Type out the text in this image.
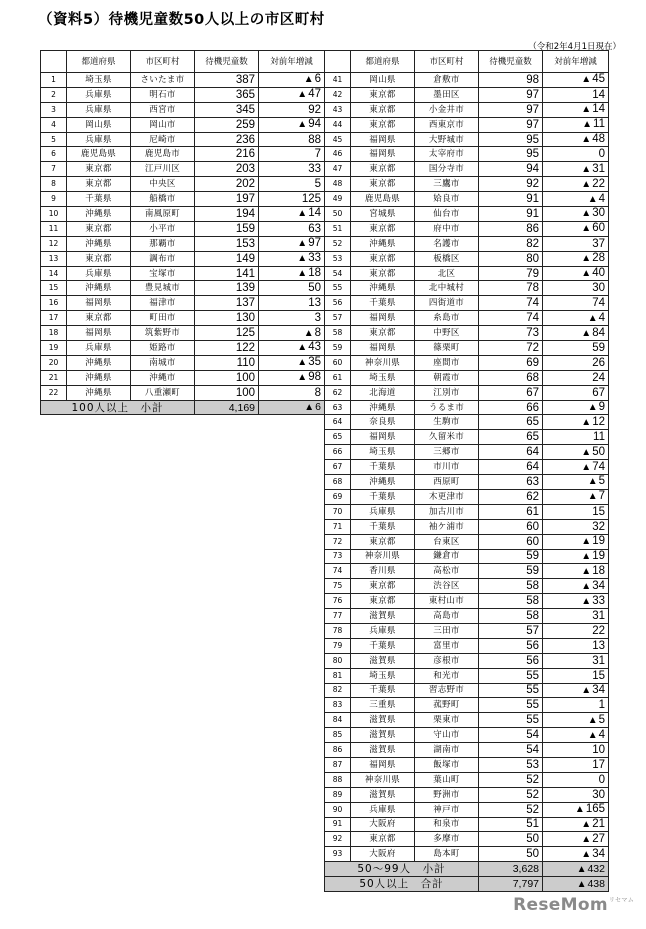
（資料5）待機児童数50人以上の市区町村
（令和2年4月1日現在）
	都道府県	市区町村	待機児童数	対前年増減
1	埼玉県	さいたま市	387	▲6
2	兵庫県	明石市	365	▲47
3	兵庫県	西宮市	345	92
4	岡山県	岡山市	259	▲94
5	兵庫県	尼崎市	236	88
6	鹿児島県	鹿児島市	216	7
7	東京都	江戸川区	203	33
8	東京都	中央区	202	5
9	千葉県	船橋市	197	125
10	沖縄県	南風原町	194	▲14
11	東京都	小平市	159	63
12	沖縄県	那覇市	153	▲97
13	東京都	調布市	149	▲33
14	兵庫県	宝塚市	141	▲18
15	沖縄県	豊見城市	139	50
16	福岡県	福津市	137	13
17	東京都	町田市	130	3
18	福岡県	筑紫野市	125	▲8
19	兵庫県	姫路市	122	▲43
20	沖縄県	南城市	110	▲35
21	沖縄県	沖縄市	100	▲98
22	沖縄県	八重瀬町	100	8
100人以上　小計			4,169	▲6
	都道府県	市区町村	待機児童数	対前年増減
41	岡山県	倉敷市	98	▲45
42	東京都	墨田区	97	14
43	東京都	小金井市	97	▲14
44	東京都	西東京市	97	▲11
45	福岡県	大野城市	95	▲48
46	福岡県	太宰府市	95	0
47	東京都	国分寺市	94	▲31
48	東京都	三鷹市	92	▲22
49	鹿児島県	姶良市	91	▲4
50	宮城県	仙台市	91	▲30
51	東京都	府中市	86	▲60
52	沖縄県	名護市	82	37
53	東京都	板橋区	80	▲28
54	東京都	北区	79	▲40
55	沖縄県	北中城村	78	30
56	千葉県	四街道市	74	74
57	福岡県	糸島市	74	▲4
58	東京都	中野区	73	▲84
59	福岡県	篠栗町	72	59
60	神奈川県	座間市	69	26
61	埼玉県	朝霞市	68	24
62	北海道	江別市	67	67
63	沖縄県	うるま市	66	▲9
64	奈良県	生駒市	65	▲12
65	福岡県	久留米市	65	11
66	埼玉県	三郷市	64	▲50
67	千葉県	市川市	64	▲74
68	沖縄県	西原町	63	▲5
69	千葉県	木更津市	62	▲7
70	兵庫県	加古川市	61	15
71	千葉県	袖ケ浦市	60	32
72	東京都	台東区	60	▲19
73	神奈川県	鎌倉市	59	▲19
74	香川県	高松市	59	▲18
75	東京都	渋谷区	58	▲34
76	東京都	東村山市	58	▲33
77	滋賀県	高島市	58	31
78	兵庫県	三田市	57	22
79	千葉県	富里市	56	13
80	滋賀県	彦根市	56	31
81	埼玉県	和光市	55	15
82	千葉県	習志野市	55	▲34
83	三重県	菰野町	55	1
84	滋賀県	栗東市	55	▲5
85	滋賀県	守山市	54	▲4
86	滋賀県	湖南市	54	10
87	福岡県	飯塚市	53	17
88	神奈川県	葉山町	52	0
89	滋賀県	野洲市	52	30
90	兵庫県	神戸市	52	▲165
91	大阪府	和泉市	51	▲21
92	東京都	多摩市	50	▲27
93	大阪府	島本町	50	▲34
50～99人　小計			3,628	▲432
50人以上　合計			7,797	▲438
ReseMom$^{リセマム}$
